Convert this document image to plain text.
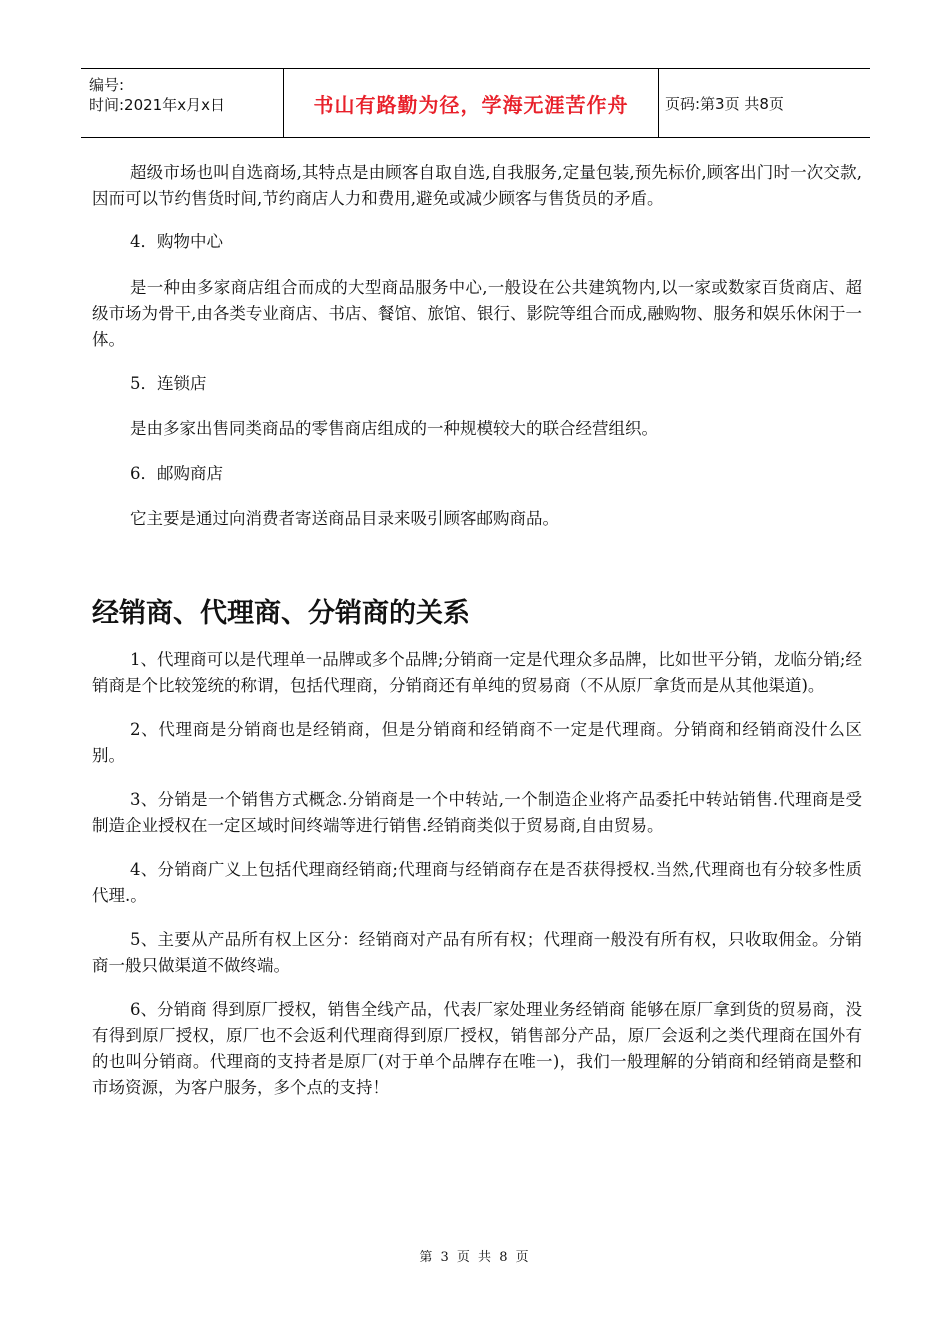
编号:
时间:2021年x月x日	书山有路勤为径，学海无涯苦作舟	页码:第3页 共8页

超级市场也叫自选商场,其特点是由顾客自取自选,自我服务,定量包装,预先标价,顾客出门时一次交款,因而可以节约售货时间,节约商店人力和费用,避免或减少顾客与售货员的矛盾。

4．购物中心

是一种由多家商店组合而成的大型商品服务中心,一般设在公共建筑物内,以一家或数家百货商店、超级市场为骨干,由各类专业商店、书店、餐馆、旅馆、银行、影院等组合而成,融购物、服务和娱乐休闲于一体。

5．连锁店

是由多家出售同类商品的零售商店组成的一种规模较大的联合经营组织。

6．邮购商店

它主要是通过向消费者寄送商品目录来吸引顾客邮购商品。

经销商、代理商、分销商的关系

1、代理商可以是代理单一品牌或多个品牌;分销商一定是代理众多品牌，比如世平分销，龙临分销;经销商是个比较笼统的称谓，包括代理商，分销商还有单纯的贸易商（不从原厂拿货而是从其他渠道)。

2、代理商是分销商也是经销商，但是分销商和经销商不一定是代理商。分销商和经销商没什么区别。

3、分销是一个销售方式概念.分销商是一个中转站,一个制造企业将产品委托中转站销售.代理商是受制造企业授权在一定区域时间终端等进行销售.经销商类似于贸易商,自由贸易。

4、分销商广义上包括代理商经销商;代理商与经销商存在是否获得授权.当然,代理商也有分较多性质代理.。

5、主要从产品所有权上区分：经销商对产品有所有权；代理商一般没有所有权，只收取佣金。分销商一般只做渠道不做终端。

6、分销商 得到原厂授权，销售全线产品，代表厂家处理业务经销商 能够在原厂拿到货的贸易商，没有得到原厂授权，原厂也不会返利代理商得到原厂授权，销售部分产品，原厂会返利之类代理商在国外有的也叫分销商。代理商的支持者是原厂(对于单个品牌存在唯一)，我们一般理解的分销商和经销商是整和市场资源，为客户服务，多个点的支持！

第 3 页 共 8 页
